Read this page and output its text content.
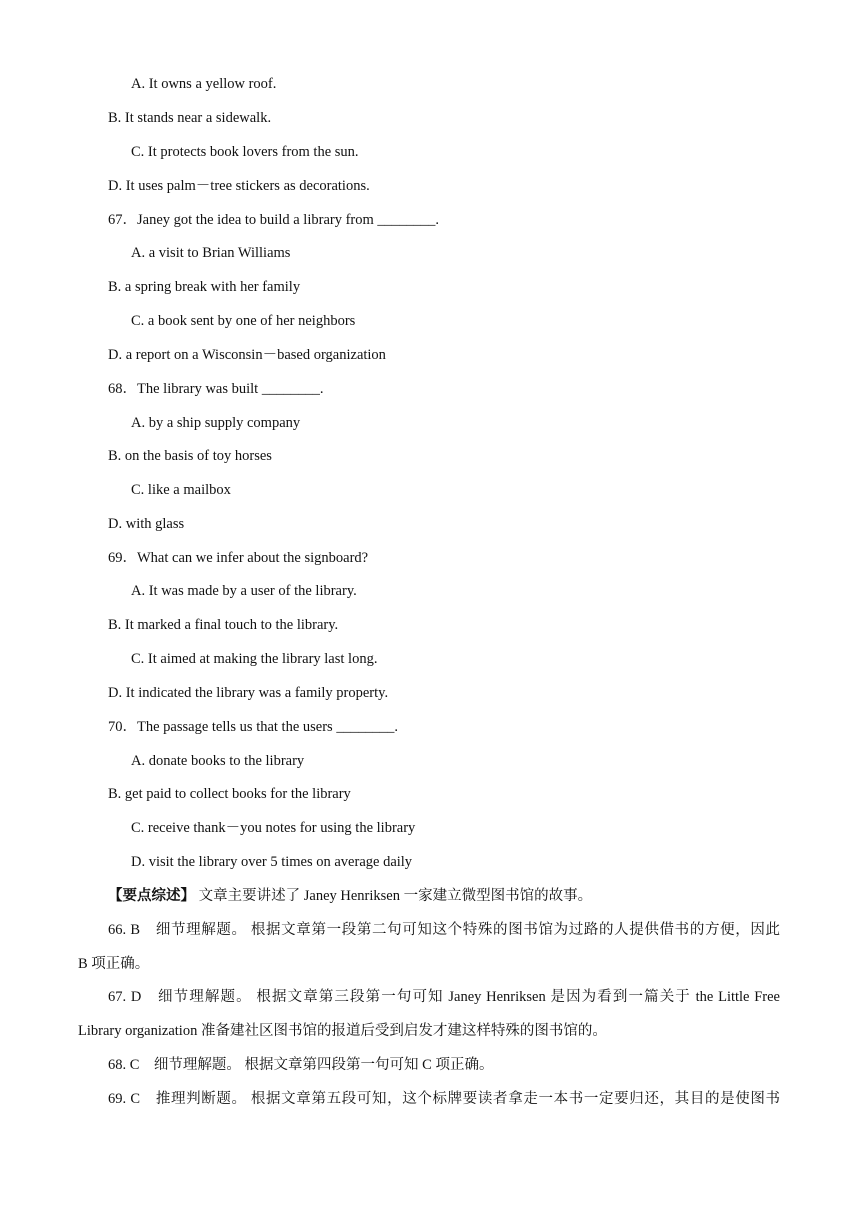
A. It owns a yellow roof.
B. It stands near a sidewalk.
C. It protects book lovers from the sun.
D. It uses palm－tree stickers as decorations.
67．Janey got the idea to build a library from ________.
A. a visit to Brian Williams
B. a spring break with her family
C. a book sent by one of her neighbors
D. a report on a Wisconsin－based organization
68．The library was built ________.
A. by a ship supply company
B. on the basis of toy horses
C. like a mailbox
D. with glass
69．What can we infer about the signboard?
A. It was made by a user of the library.
B. It marked a final touch to the library.
C. It aimed at making the library last long.
D. It indicated the library was a family property.
70．The passage tells us that the users ________.
A. donate books to the library
B. get paid to collect books for the library
C. receive thank－you notes for using the library
D. visit the library over 5 times on average daily
【要点综述】 文章主要讲述了 Janey Henriksen 一家建立微型图书馆的故事。
66. B　细节理解题。 根据文章第一段第二句可知这个特殊的图书馆为过路的人提供借书的方便，因此
B 项正确。
67. D　细节理解题。 根据文章第三段第一句可知 Janey Henriksen 是因为看到一篇关于 the Little Free
Library organization 准备建社区图书馆的报道后受到启发才建这样特殊的图书馆的。
68. C　细节理解题。 根据文章第四段第一句可知 C 项正确。
69. C　推理判断题。 根据文章第五段可知，这个标牌要读者拿走一本书一定要归还，其目的是使图书
